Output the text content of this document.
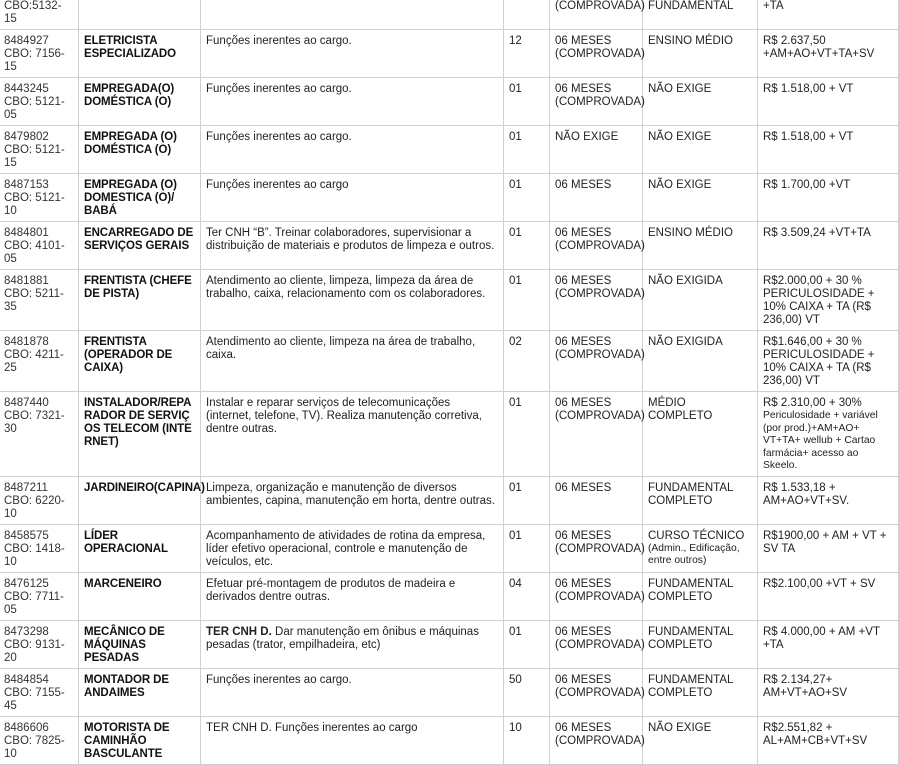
CBO:5132-15				(COMPROVADA)	FUNDAMENTAL	+TA

8484927
CBO: 7156-15	ELETRICISTA ESPECIALIZADO	Funções inerentes ao cargo.	12	06 MESES (COMPROVADA)	ENSINO MÉDIO	R$ 2.637,50 +AM+AO+VT+TA+SV

8443245
CBO: 5121-05	EMPREGADA(O) DOMÉSTICA (O)	Funções inerentes ao cargo.	01	06 MESES (COMPROVADA)	NÃO EXIGE	R$ 1.518,00 + VT

8479802
CBO: 5121-15	EMPREGADA (O) DOMÉSTICA (O)	Funções inerentes ao cargo.	01	NÃO EXIGE	NÃO EXIGE	R$ 1.518,00 + VT

8487153
CBO: 5121-10	EMPREGADA (O) DOMESTICA (O)/ BABÁ	Funções inerentes ao cargo	01	06 MESES	NÃO EXIGE	R$ 1.700,00 +VT

8484801
CBO: 4101-05	ENCARREGADO DE SERVIÇOS GERAIS	Ter CNH “B”. Treinar colaboradores, supervisionar a distribuição de materiais e produtos de limpeza e outros.	01	06 MESES (COMPROVADA)	ENSINO MÉDIO	R$ 3.509,24 +VT+TA

8481881
CBO: 5211-35	FRENTISTA (CHEFE DE PISTA)	Atendimento ao cliente, limpeza, limpeza da área de trabalho, caixa, relacionamento com os colaboradores.	01	06 MESES (COMPROVADA)	NÃO EXIGIDA	R$2.000,00 + 30 % PERICULOSIDADE + 10% CAIXA + TA (R$ 236,00) VT

8481878
CBO: 4211-25	FRENTISTA (OPERADOR DE CAIXA)	Atendimento ao cliente, limpeza na área de trabalho, caixa.	02	06 MESES (COMPROVADA)	NÃO EXIGIDA	R$1.646,00 + 30 % PERICULOSIDADE + 10% CAIXA + TA (R$ 236,00) VT

8487440
CBO: 7321-30	INSTALADOR/REPARADOR DE SERVIÇOS TELECOM (INTERNET)	Instalar e reparar serviços de telecomunicações (internet, telefone, TV). Realiza manutenção corretiva, dentre outras.	01	06 MESES (COMPROVADA)	MÉDIO COMPLETO	R$ 2.310,00 + 30%
Periculosidade + variável (por prod.)+AM+AO+ VT+TA+ wellub + Cartao farmácia+ acesso ao Skeelo.

8487211
CBO: 6220-10	JARDINEIRO(CAPINA)	Limpeza, organização e manutenção de diversos ambientes, capina, manutenção em horta, dentre outras.	01	06 MESES	FUNDAMENTAL COMPLETO	R$ 1.533,18 + AM+AO+VT+SV.

8458575
CBO: 1418-10	LÍDER OPERACIONAL	Acompanhamento de atividades de rotina da empresa, líder efetivo operacional, controle e manutenção de veículos, etc.	01	06 MESES (COMPROVADA)	CURSO TÉCNICO
(Admin., Edificação, entre outros)	R$1900,00 + AM + VT + SV TA

8476125
CBO: 7711-05	MARCENEIRO	Efetuar pré-montagem de produtos de madeira e derivados dentre outras.	04	06 MESES (COMPROVADA)	FUNDAMENTAL COMPLETO	R$2.100,00 +VT + SV

8473298
CBO: 9131-20	MECÂNICO DE MÁQUINAS PESADAS	TER CNH D. Dar manutenção em ônibus e máquinas pesadas (trator, empilhadeira, etc)	01	06 MESES (COMPROVADA)	FUNDAMENTAL COMPLETO	R$ 4.000,00 + AM +VT +TA

8484854
CBO: 7155-45	MONTADOR DE ANDAIMES	Funções inerentes ao cargo.	50	06 MESES (COMPROVADA)	FUNDAMENTAL COMPLETO	R$ 2.134,27+ AM+VT+AO+SV

8486606
CBO: 7825-10	MOTORISTA DE CAMINHÃO BASCULANTE	TER CNH D. Funções inerentes ao cargo	10	06 MESES (COMPROVADA)	NÃO EXIGE	R$2.551,82 + AL+AM+CB+VT+SV
